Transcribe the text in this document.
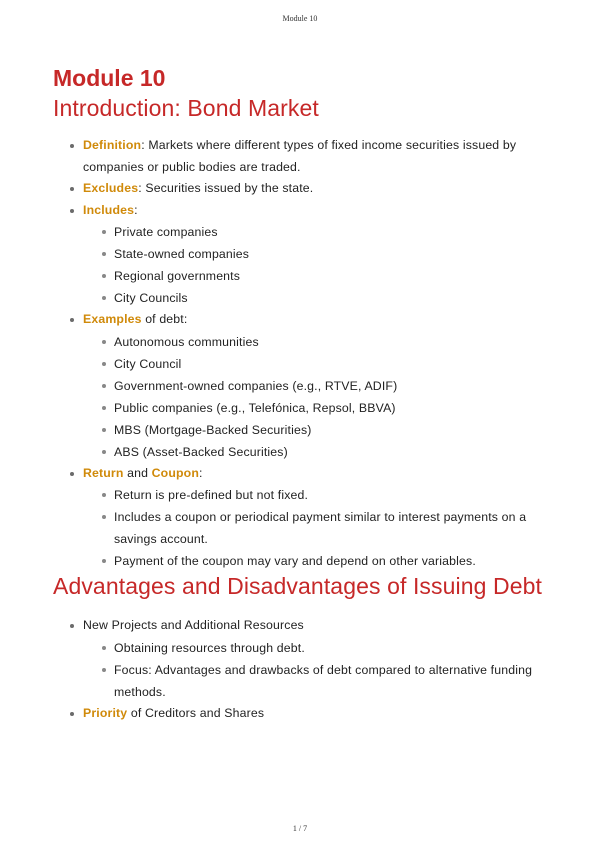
Module 10
Module 10
Introduction: Bond Market
Definition: Markets where different types of fixed income securities issued by companies or public bodies are traded.
Excludes: Securities issued by the state.
Includes:
Private companies
State-owned companies
Regional governments
City Councils
Examples of debt:
Autonomous communities
City Council
Government-owned companies (e.g., RTVE, ADIF)
Public companies (e.g., Telefónica, Repsol, BBVA)
MBS (Mortgage-Backed Securities)
ABS (Asset-Backed Securities)
Return and Coupon:
Return is pre-defined but not fixed.
Includes a coupon or periodical payment similar to interest payments on a savings account.
Payment of the coupon may vary and depend on other variables.
Advantages and Disadvantages of Issuing Debt
New Projects and Additional Resources
Obtaining resources through debt.
Focus: Advantages and drawbacks of debt compared to alternative funding methods.
Priority of Creditors and Shares
1 / 7
